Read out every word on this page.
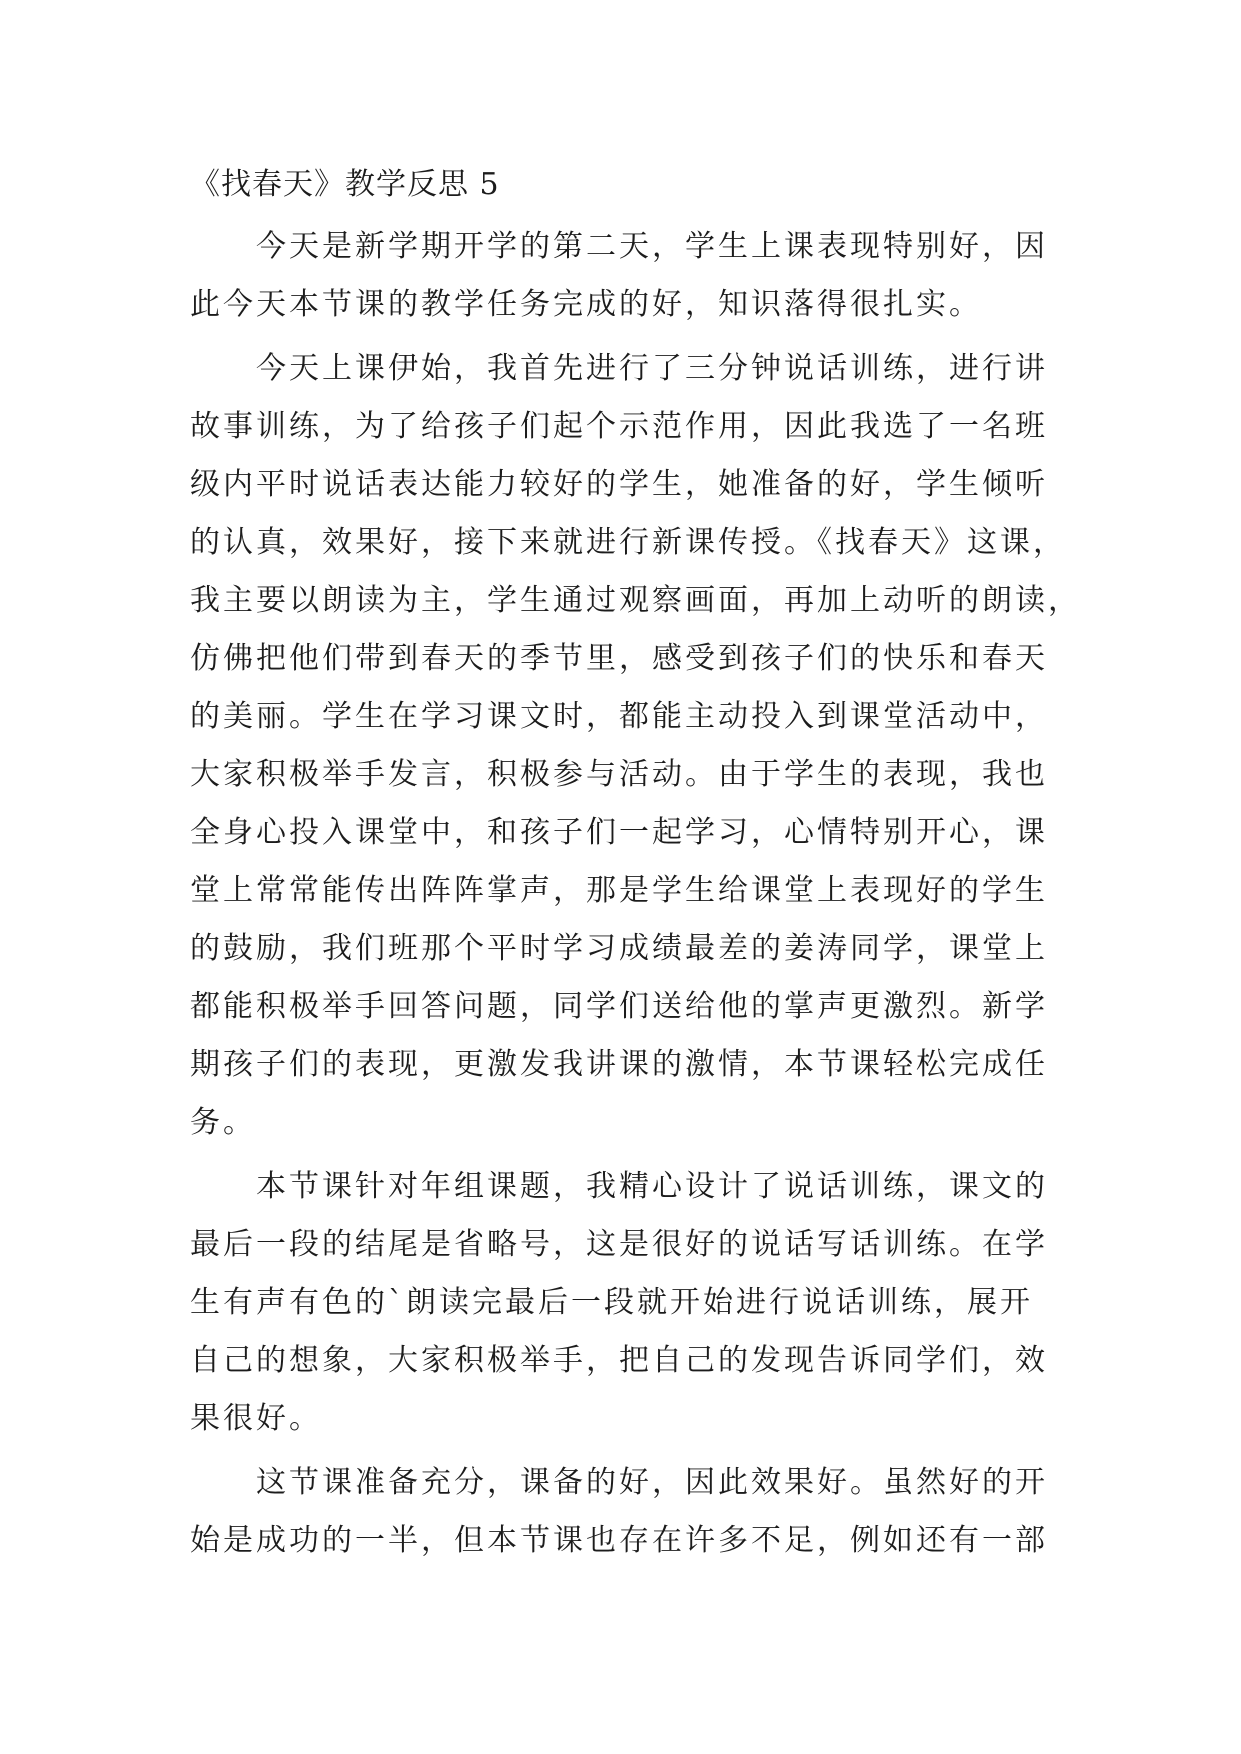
《找春天》教学反思 5
今天是新学期开学的第二天，学生上课表现特别好，因
此今天本节课的教学任务完成的好，知识落得很扎实。
今天上课伊始，我首先进行了三分钟说话训练，进行讲
故事训练，为了给孩子们起个示范作用，因此我选了一名班
级内平时说话表达能力较好的学生，她准备的好，学生倾听
的认真，效果好，接下来就进行新课传授。《找春天》这课，
我主要以朗读为主，学生通过观察画面，再加上动听的朗读，
仿佛把他们带到春天的季节里，感受到孩子们的快乐和春天
的美丽。学生在学习课文时，都能主动投入到课堂活动中，
大家积极举手发言，积极参与活动。由于学生的表现，我也
全身心投入课堂中，和孩子们一起学习，心情特别开心，课
堂上常常能传出阵阵掌声，那是学生给课堂上表现好的学生
的鼓励，我们班那个平时学习成绩最差的姜涛同学，课堂上
都能积极举手回答问题，同学们送给他的掌声更激烈。新学
期孩子们的表现，更激发我讲课的激情，本节课轻松完成任
务。
本节课针对年组课题，我精心设计了说话训练，课文的
最后一段的结尾是省略号，这是很好的说话写话训练。在学
生有声有色的`朗读完最后一段就开始进行说话训练，展开
自己的想象，大家积极举手，把自己的发现告诉同学们，效
果很好。
这节课准备充分，课备的好，因此效果好。虽然好的开
始是成功的一半，但本节课也存在许多不足，例如还有一部
